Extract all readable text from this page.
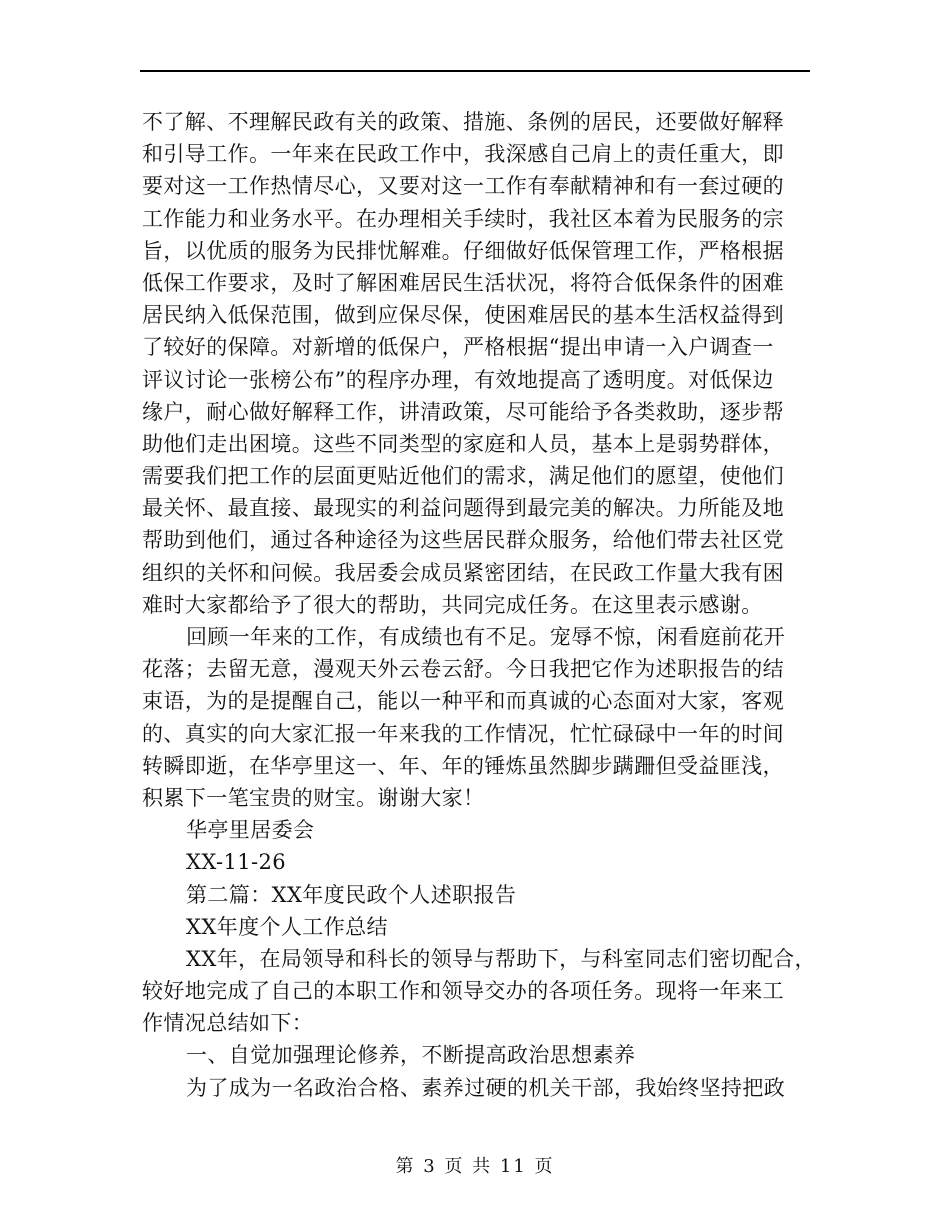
不了解、不理解民政有关的政策、措施、条例的居民，还要做好解释
和引导工作。一年来在民政工作中，我深感自己肩上的责任重大，即
要对这一工作热情尽心，又要对这一工作有奉献精神和有一套过硬的
工作能力和业务水平。在办理相关手续时，我社区本着为民服务的宗
旨，以优质的服务为民排忧解难。仔细做好低保管理工作，严格根据
低保工作要求，及时了解困难居民生活状况，将符合低保条件的困难
居民纳入低保范围，做到应保尽保，使困难居民的基本生活权益得到
了较好的保障。对新增的低保户，严格根据“提出申请一入户调查一
评议讨论一张榜公布”的程序办理，有效地提高了透明度。对低保边
缘户，耐心做好解释工作，讲清政策，尽可能给予各类救助，逐步帮
助他们走出困境。这些不同类型的家庭和人员，基本上是弱势群体，
需要我们把工作的层面更贴近他们的需求，满足他们的愿望，使他们
最关怀、最直接、最现实的利益问题得到最完美的解决。力所能及地
帮助到他们，通过各种途径为这些居民群众服务，给他们带去社区党
组织的关怀和问候。我居委会成员紧密团结，在民政工作量大我有困
难时大家都给予了很大的帮助，共同完成任务。在这里表示感谢。
回顾一年来的工作，有成绩也有不足。宠辱不惊，闲看庭前花开
花落；去留无意，漫观天外云卷云舒。今日我把它作为述职报告的结
束语，为的是提醒自己，能以一种平和而真诚的心态面对大家，客观
的、真实的向大家汇报一年来我的工作情况，忙忙碌碌中一年的时间
转瞬即逝，在华亭里这一、年、年的锤炼虽然脚步蹒跚但受益匪浅，
积累下一笔宝贵的财宝。谢谢大家！
华亭里居委会
XX-11-26
第二篇：XX年度民政个人述职报告
XX年度个人工作总结
XX年，在局领导和科长的领导与帮助下，与科室同志们密切配合，
较好地完成了自己的本职工作和领导交办的各项任务。现将一年来工
作情况总结如下：
一、自觉加强理论修养，不断提高政治思想素养
为了成为一名政治合格、素养过硬的机关干部，我始终坚持把政
第 3 页 共 11 页
